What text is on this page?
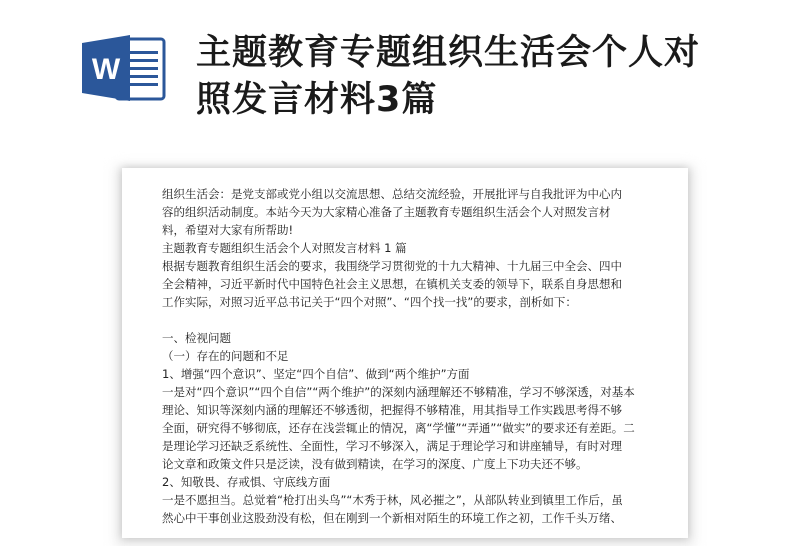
W 主题教育专题组织生活会个人对
照发言材料3篇

组织生活会：是党支部或党小组以交流思想、总结交流经验，开展批评与自我批评为中心内

容的组织活动制度。本站今天为大家精心准备了主题教育专题组织生活会个人对照发言材

料，希望对大家有所帮助!

主题教育专题组织生活会个人对照发言材料 1 篇

根据专题教育组织生活会的要求，我围绕学习贯彻党的十九大精神、十九届三中全会、四中

全会精神，习近平新时代中国特色社会主义思想，在镇机关支委的领导下，联系自身思想和

工作实际，对照习近平总书记关于“四个对照”、“四个找一找”的要求，剖析如下：

一、检视问题

（一）存在的问题和不足

1、增强“四个意识”、坚定“四个自信”、做到“两个维护”方面

一是对“四个意识”“四个自信”“两个维护”的深刻内涵理解还不够精准，学习不够深透，对基本

理论、知识等深刻内涵的理解还不够透彻，把握得不够精准，用其指导工作实践思考得不够

全面，研究得不够彻底，还存在浅尝辄止的情况，离“学懂”“弄通”“做实”的要求还有差距。二

是理论学习还缺乏系统性、全面性，学习不够深入，满足于理论学习和讲座辅导，有时对理

论文章和政策文件只是泛读，没有做到精读，在学习的深度、广度上下功夫还不够。

2、知敬畏、存戒惧、守底线方面

一是不愿担当。总觉着“枪打出头鸟”“木秀于林，风必摧之”，从部队转业到镇里工作后，虽

然心中干事创业这股劲没有松，但在刚到一个新相对陌生的环境工作之初，工作千头万绪、
